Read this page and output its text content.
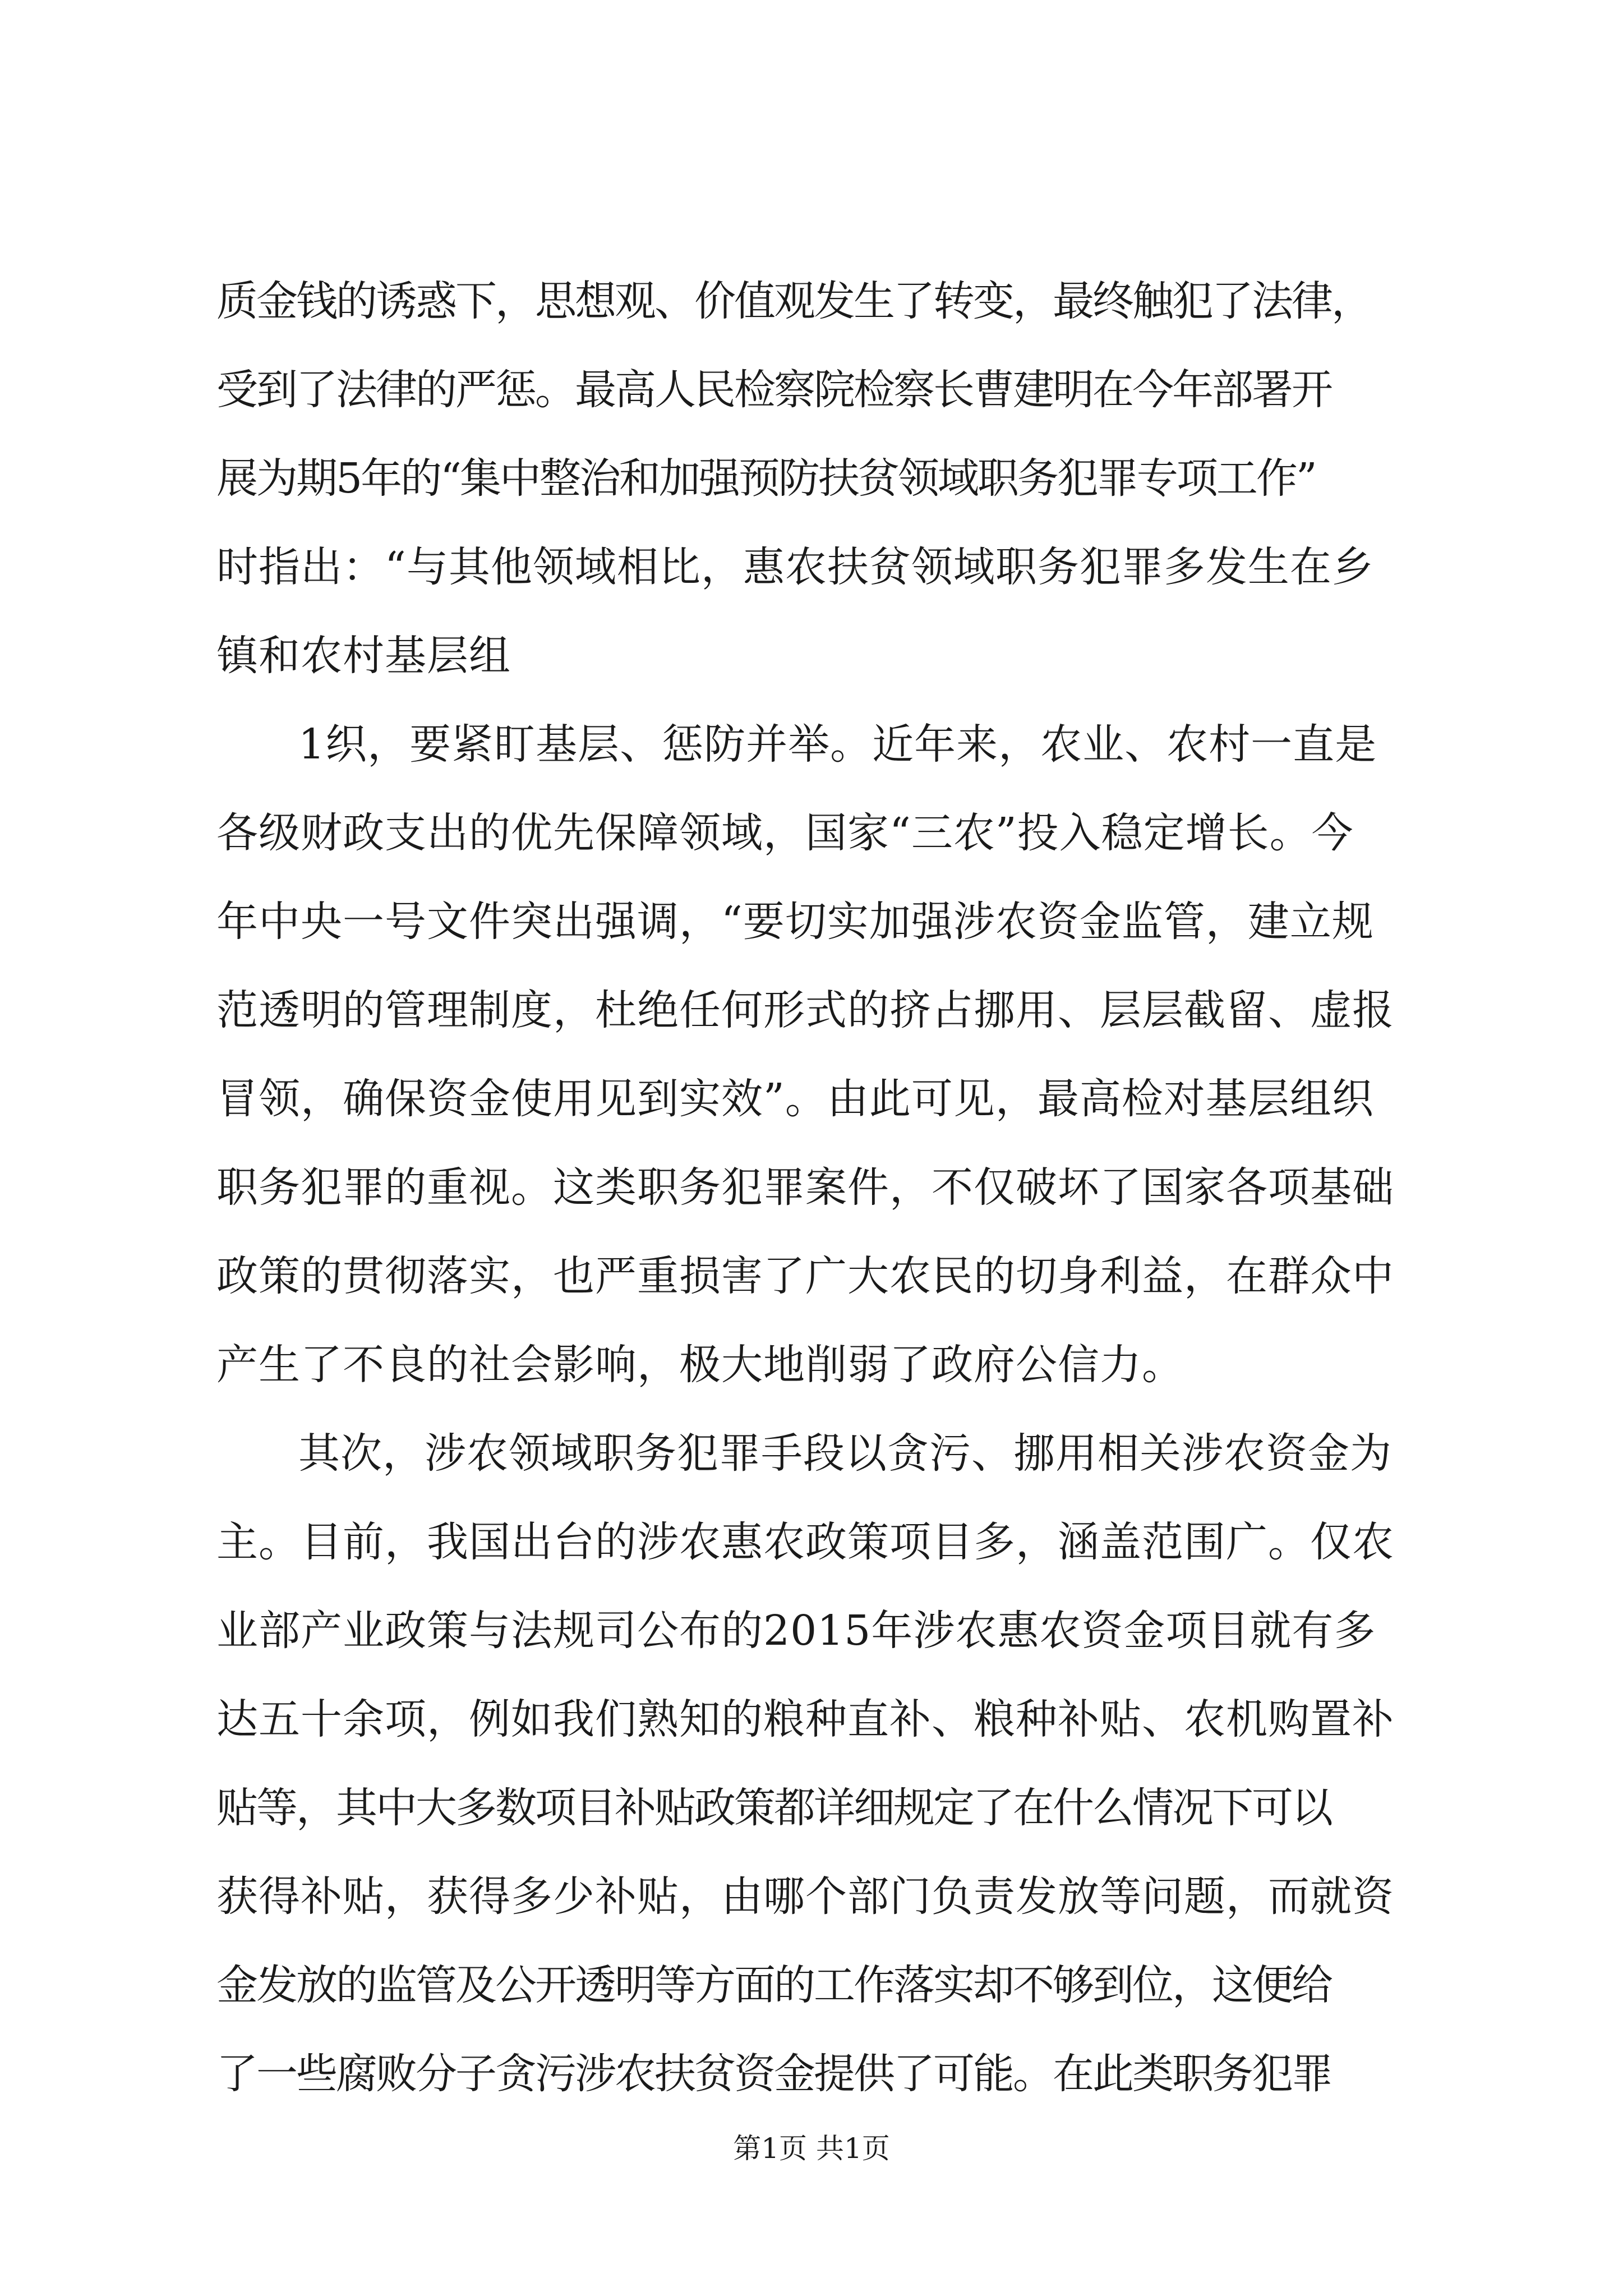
质金钱的诱惑下，思想观、价值观发生了转变，最终触犯了法律，
受到了法律的严惩。最高人民检察院检察长曹建明在今年部署开
展为期5年的“集中整治和加强预防扶贫领域职务犯罪专项工作”
时指出：“与其他领域相比，惠农扶贫领域职务犯罪多发生在乡
镇和农村基层组
1织，要紧盯基层、惩防并举。近年来，农业、农村一直是
各级财政支出的优先保障领域，国家“三农”投入稳定增长。今
年中央一号文件突出强调，“要切实加强涉农资金监管，建立规
范透明的管理制度，杜绝任何形式的挤占挪用、层层截留、虚报
冒领，确保资金使用见到实效”。由此可见，最高检对基层组织
职务犯罪的重视。这类职务犯罪案件，不仅破坏了国家各项基础
政策的贯彻落实，也严重损害了广大农民的切身利益，在群众中
产生了不良的社会影响，极大地削弱了政府公信力。
其次，涉农领域职务犯罪手段以贪污、挪用相关涉农资金为
主。目前，我国出台的涉农惠农政策项目多，涵盖范围广。仅农
业部产业政策与法规司公布的2015年涉农惠农资金项目就有多
达五十余项，例如我们熟知的粮种直补、粮种补贴、农机购置补
贴等，其中大多数项目补贴政策都详细规定了在什么情况下可以
获得补贴，获得多少补贴，由哪个部门负责发放等问题，而就资
金发放的监管及公开透明等方面的工作落实却不够到位，这便给
了一些腐败分子贪污涉农扶贫资金提供了可能。在此类职务犯罪
第1页 共1页
